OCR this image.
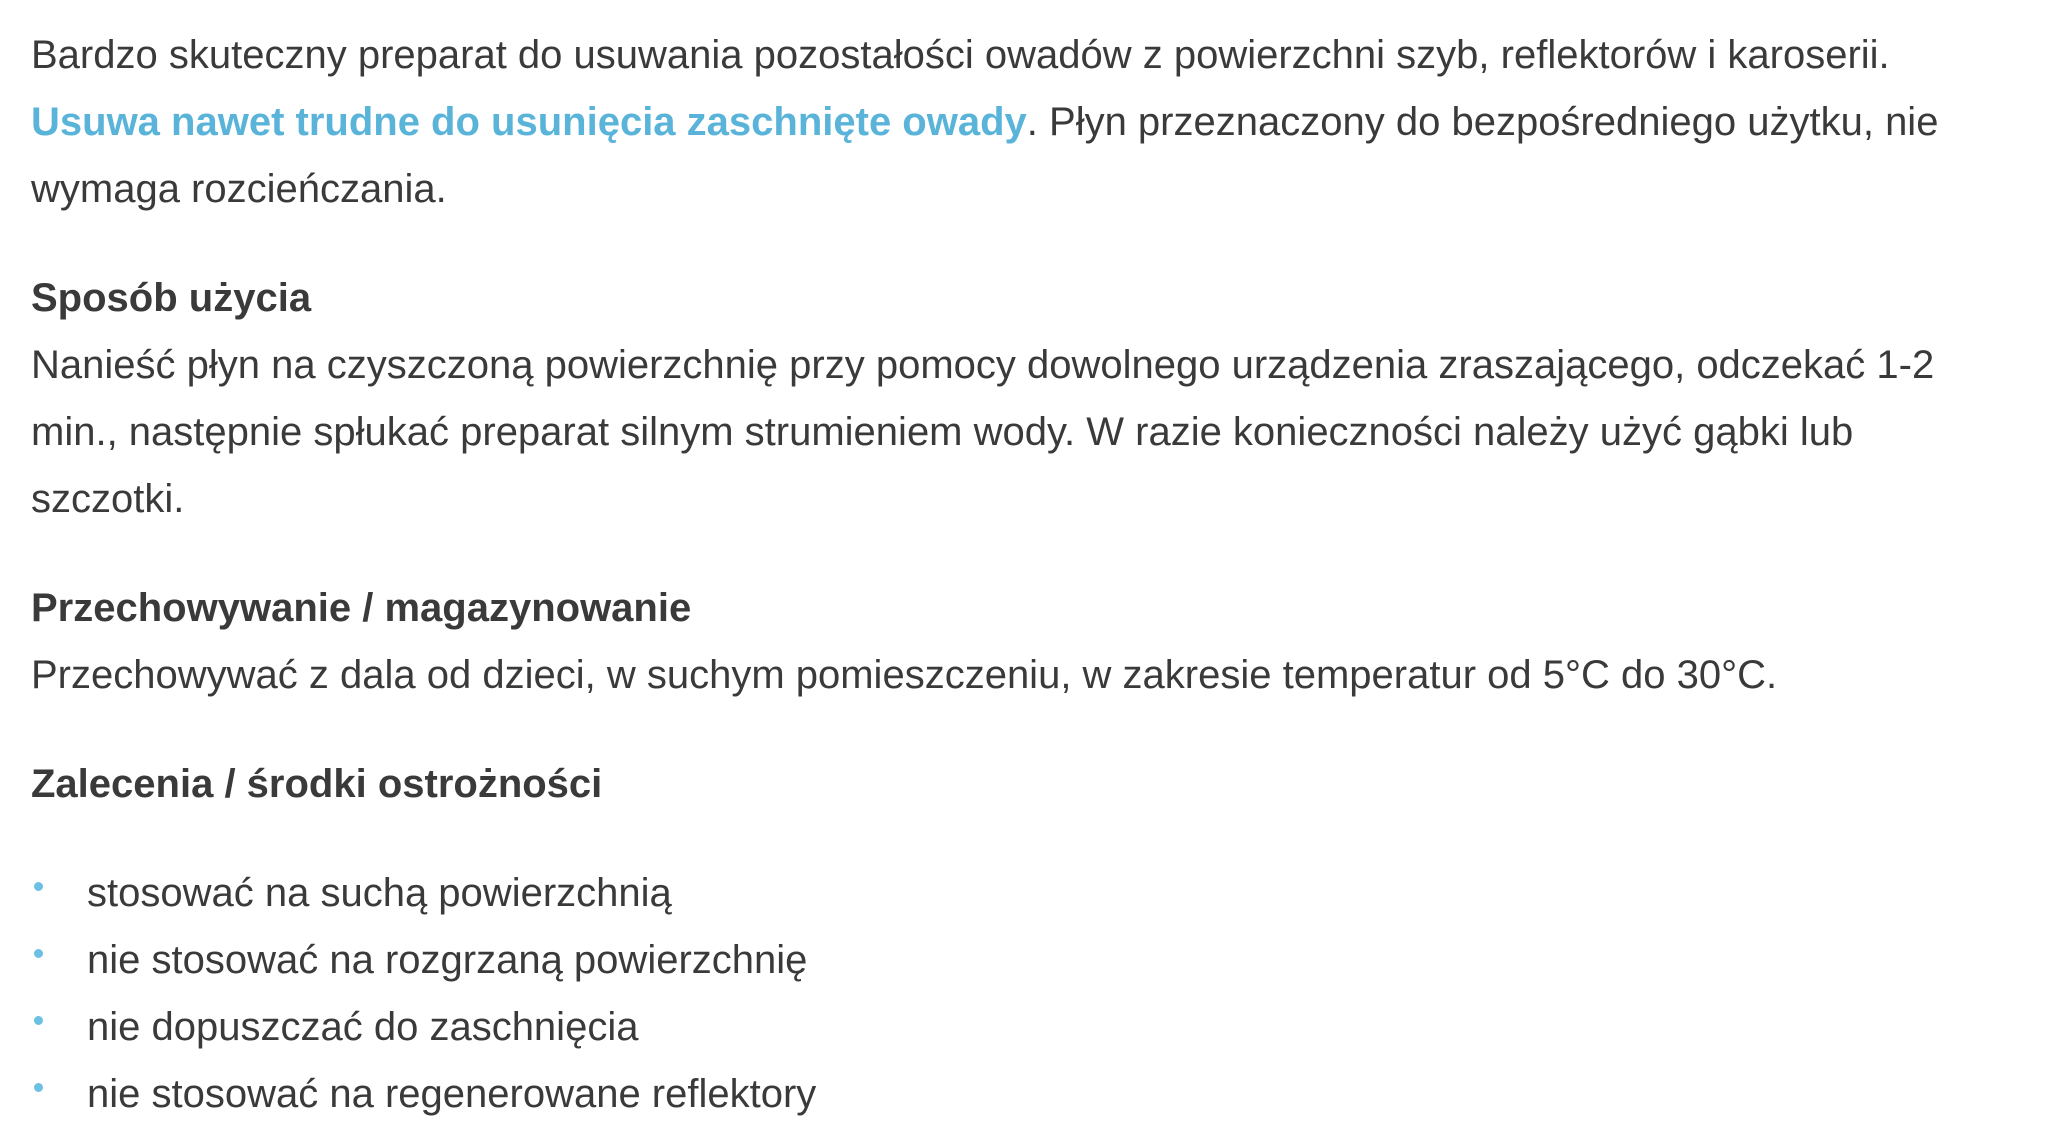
Bardzo skuteczny preparat do usuwania pozostałości owadów z powierzchni szyb, reflektorów i karoserii. Usuwa nawet trudne do usunięcia zaschnięte owady. Płyn przeznaczony do bezpośredniego użytku, nie wymaga rozcieńczania.

Sposób użycia

Nanieść płyn na czyszczoną powierzchnię przy pomocy dowolnego urządzenia zraszającego, odczekać 1-2 min., następnie spłukać preparat silnym strumieniem wody. W razie konieczności należy użyć gąbki lub szczotki.

Przechowywanie / magazynowanie

Przechowywać z dala od dzieci, w suchym pomieszczeniu, w zakresie temperatur od 5°C do 30°C.

Zalecenia / środki ostrożności
stosować na suchą powierzchnią
nie stosować na rozgrzaną powierzchnię
nie dopuszczać do zaschnięcia
nie stosować na regenerowane reflektory
